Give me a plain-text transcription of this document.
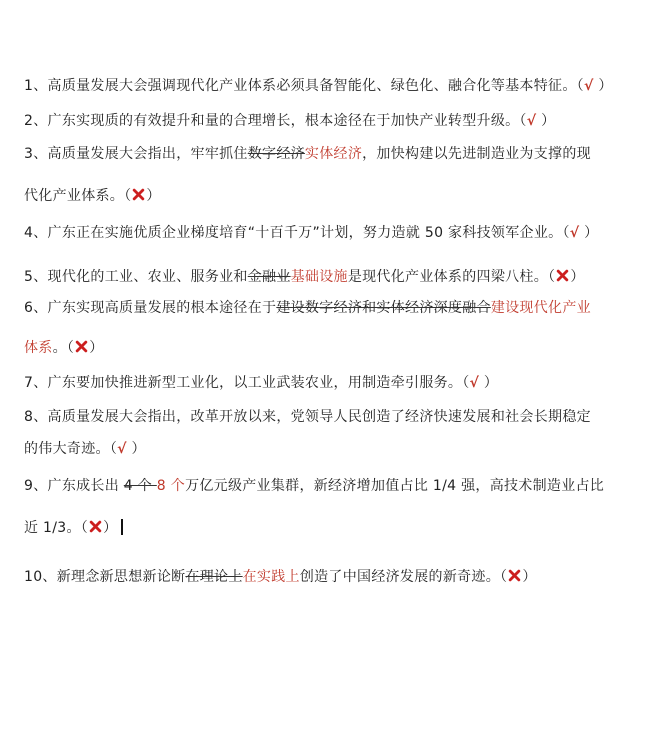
1、高质量发展大会强调现代化产业体系必须具备智能化、绿色化、融合化等基本特征。（√ ）
2、广东实现质的有效提升和量的合理增长，根本途径在于加快产业转型升级。（√ ）
3、高质量发展大会指出，牢牢抓住数字经济实体经济，加快构建以先进制造业为支撑的现
代化产业体系。（ ）
4、广东正在实施优质企业梯度培育“十百千万”计划，努力造就 50 家科技领军企业。（√ ）
5、现代化的工业、农业、服务业和金融业基础设施是现代化产业体系的四梁八柱。（ ）
6、广东实现高质量发展的根本途径在于建设数字经济和实体经济深度融合建设现代化产业
体系。（ ）
7、广东要加快推进新型工业化，以工业武装农业，用制造牵引服务。（√ ）
8、高质量发展大会指出，改革开放以来，党领导人民创造了经济快速发展和社会长期稳定
的伟大奇迹。（√ ）
9、广东成长出 4 个 8 个万亿元级产业集群，新经济增加值占比 1/4 强，高技术制造业占比
近 1/3。（ ）
10、新理念新思想新论断在理论上在实践上创造了中国经济发展的新奇迹。（ ）
